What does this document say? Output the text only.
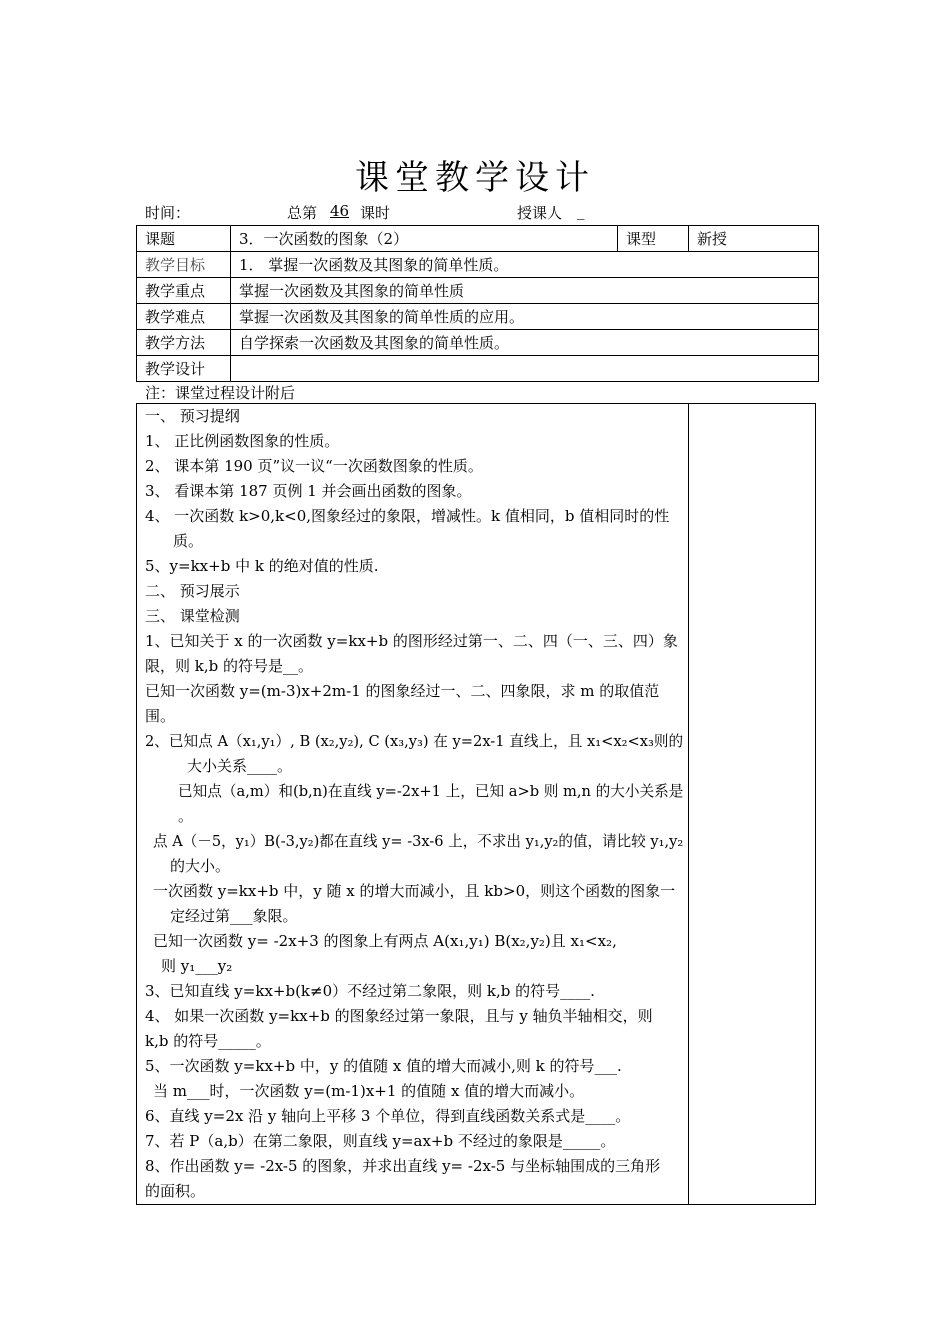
课堂教学设计
时间：	总第 46 课时	授课人 _
课题	3．一次函数的图象（2）	课型	新授
教学目标	1． 掌握一次函数及其图象的简单性质。		
教学重点	掌握一次函数及其图象的简单性质		
教学难点	掌握一次函数及其图象的简单性质的应用。		
教学方法	自学探索一次函数及其图象的简单性质。		
教学设计			
注：课堂过程设计附后
一、 预习提纲
1、 正比例函数图象的性质。
2、 课本第 190 页”议一议“一次函数图象的性质。
3、 看课本第 187 页例 1 并会画出函数的图象。
4、 一次函数 k>0,k<0,图象经过的象限，增减性。k 值相同，b 值相同时的性
质。
5、y=kx+b 中 k 的绝对值的性质.
二、 预习展示
三、 课堂检测
1、已知关于 x 的一次函数 y=kx+b 的图形经过第一、二、四（一、三、四）象
限，则 k,b 的符号是__。
已知一次函数 y=(m-3)x+2m-1 的图象经过一、二、四象限，求 m 的取值范
围。
2、已知点 A（x₁,y₁）, B (x₂,y₂), C (x₃,y₃) 在 y=2x-1 直线上，且 x₁<x₂<x₃则的
大小关系____。
已知点（a,m）和(b,n)在直线 y=-2x+1 上，已知 a>b 则 m,n 的大小关系是
。
点 A（－5，y₁）B(-3,y₂)都在直线 y= -3x-6 上，不求出 y₁,y₂的值，请比较 y₁,y₂
的大小。
一次函数 y=kx+b 中，y 随 x 的增大而减小，且 kb>0，则这个函数的图象一
定经过第___象限。
已知一次函数 y= -2x+3 的图象上有两点 A(x₁,y₁) B(x₂,y₂)且 x₁<x₂,
则 y₁___y₂
3、已知直线 y=kx+b(k≠0）不经过第二象限，则 k,b 的符号____.
4、 如果一次函数 y=kx+b 的图象经过第一象限，且与 y 轴负半轴相交，则
k,b 的符号_____。
5、一次函数 y=kx+b 中，y 的值随 x 值的增大而减小,则 k 的符号___.
当 m___时，一次函数 y=(m-1)x+1 的值随 x 值的增大而减小。
6、直线 y=2x 沿 y 轴向上平移 3 个单位，得到直线函数关系式是____。
7、若 P（a,b）在第二象限，则直线 y=ax+b 不经过的象限是_____。
8、作出函数 y= -2x-5 的图象，并求出直线 y= -2x-5 与坐标轴围成的三角形
的面积。
